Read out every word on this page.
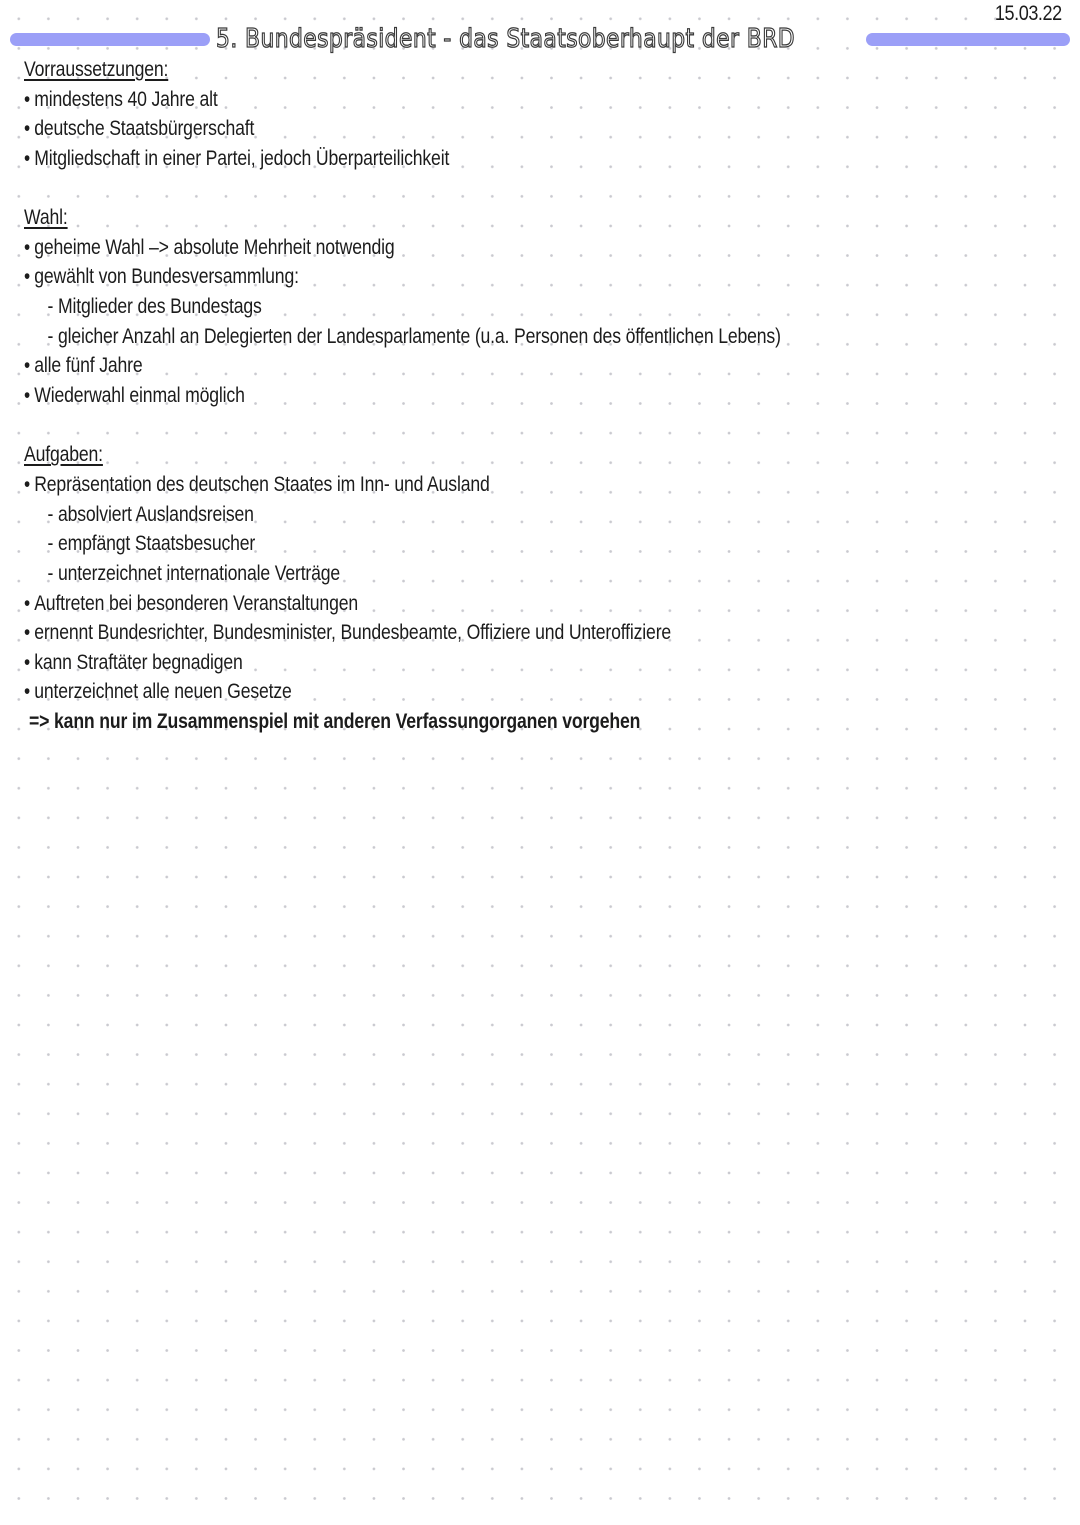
15.03.22
5. Bundespräsident - das Staatsoberhaupt der BRD
Vorraussetzungen:
• mindestens 40 Jahre alt
• deutsche Staatsbürgerschaft
• Mitgliedschaft in einer Partei, jedoch Überparteilichkeit
Wahl:
• geheime Wahl –> absolute Mehrheit notwendig
• gewählt von Bundesversammlung:
- Mitglieder des Bundestags
- gleicher Anzahl an Delegierten der Landesparlamente (u.a. Personen des öffentlichen Lebens)
• alle fünf Jahre
• Wiederwahl einmal möglich
Aufgaben:
• Repräsentation des deutschen Staates im Inn- und Ausland
- absolviert Auslandsreisen
- empfängt Staatsbesucher
- unterzeichnet internationale Verträge
• Auftreten bei besonderen Veranstaltungen
• ernennt Bundesrichter, Bundesminister, Bundesbeamte, Offiziere und Unteroffiziere
• kann Straftäter begnadigen
• unterzeichnet alle neuen Gesetze
=> kann nur im Zusammenspiel mit anderen Verfassungorganen vorgehen
